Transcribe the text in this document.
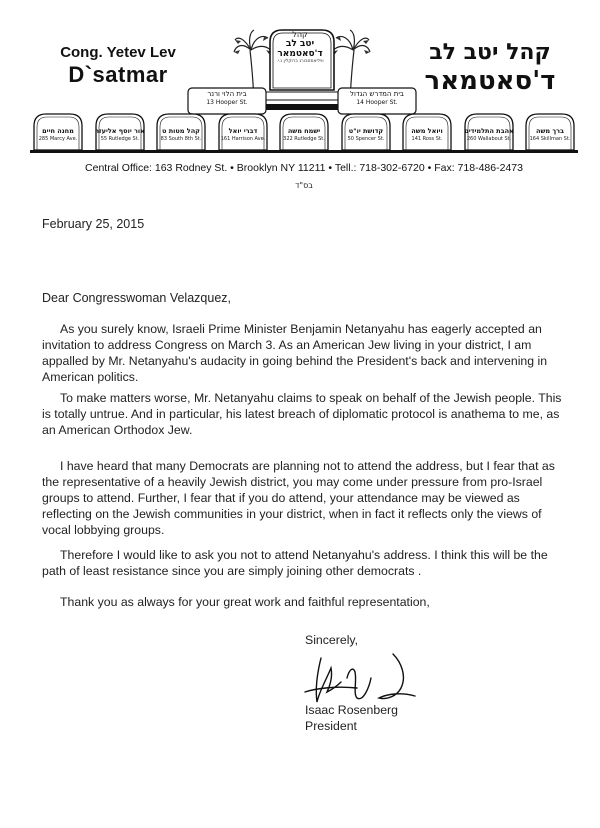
Cong. Yetev Lev
D`satmar
קהל יטב לב
ד'סאטמאר
קהל
יטב לב
ד'סאטמאר
וויליאמסבורג ברוקלין נ.י.
בית הלוי ורנר
13 Hooper St.
בית המדרש הגדול
14 Hooper St.
מחנה חיים
285 Marcy Ave.
אור יוסף אליעזר
55 Rutledge St.
קהל מטות ט
83 South 8th St.
דברי יואל
161 Harrison Ave.
ישמח משה
322 Rutledge St.
קדושת יו"ט
50 Spencer St.
ויואל משה
141 Ross St.
אהבת התלמידים
260 Wallabout St.
ברך משה
164 Skillman St.
Central Office: 163 Rodney St. • Brooklyn NY 11211 • Tell.: 718-302-6720 • Fax: 718-486-2473
בס"ד
February 25, 2015
Dear Congresswoman Velazquez,

As you surely know, Israeli Prime Minister Benjamin Netanyahu has eagerly accepted an invitation to address Congress on March 3. As an American Jew living in your district, I am appalled by Mr. Netanyahu's audacity in going behind the President's back and intervening in American politics.

To make matters worse, Mr. Netanyahu claims to speak on behalf of the Jewish people. This is totally untrue. And in particular, his latest breach of diplomatic protocol is anathema to me, as an American Orthodox Jew.

I have heard that many Democrats are planning not to attend the address, but I fear that as the representative of a heavily Jewish district, you may come under pressure from pro-Israel groups to attend. Further, I fear that if you do attend, your attendance may be viewed as reflecting on the Jewish communities in your district, when in fact it reflects only the views of vocal lobbying groups.

Therefore I would like to ask you not to attend Netanyahu's address. I think this will be the path of least resistance since you are simply joining other democrats .

Thank you as always for your great work and faithful representation,

Sincerely,
Isaac Rosenberg
President
